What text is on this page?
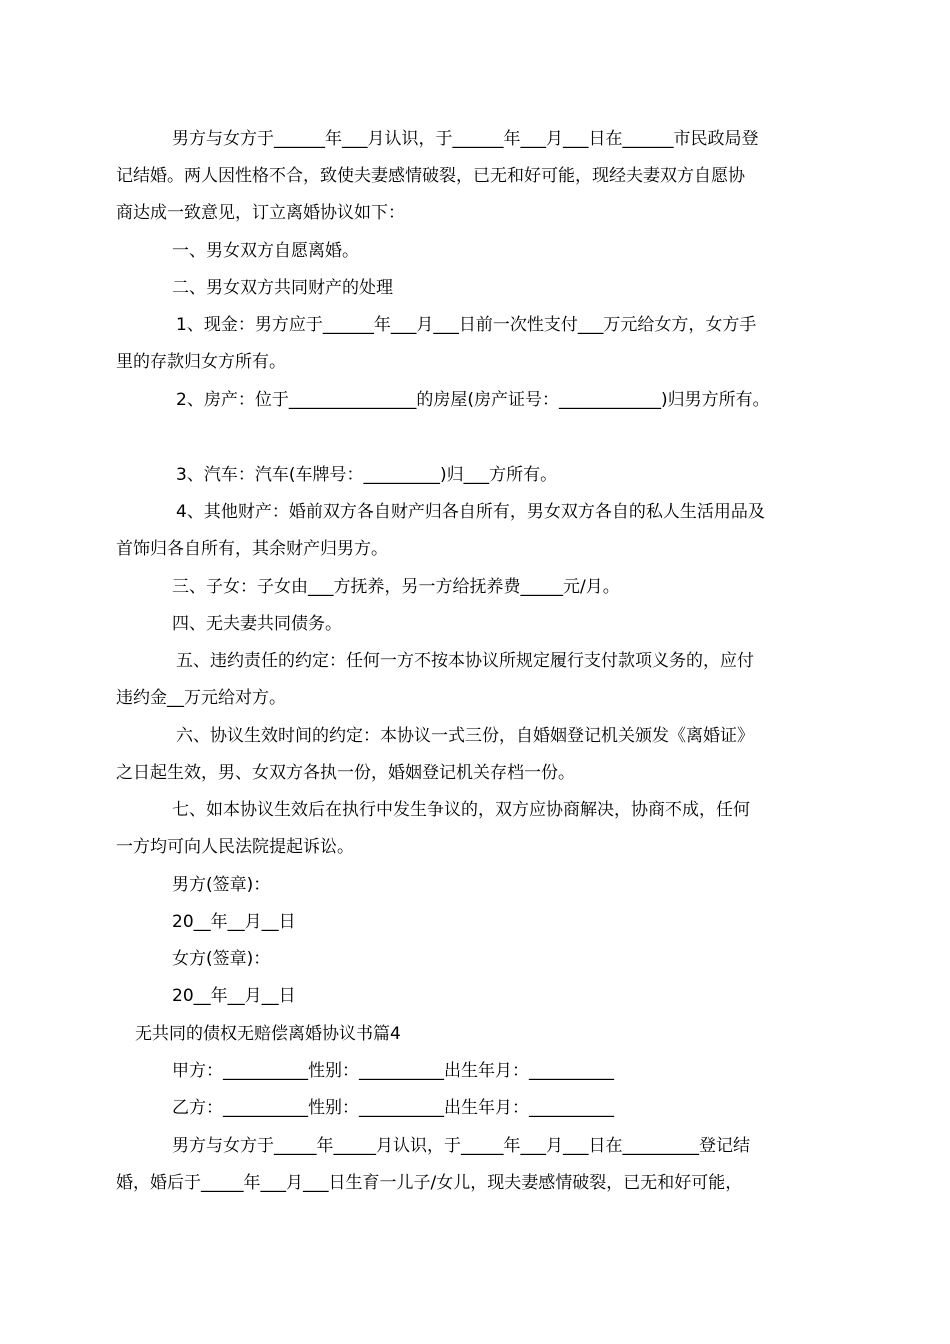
男方与女方于______年___月认识，于______年___月___日在______市民政局登

记结婚。两人因性格不合，致使夫妻感情破裂，已无和好可能，现经夫妻双方自愿协

商达成一致意见，订立离婚协议如下：

一、男女双方自愿离婚。

二、男女双方共同财产的处理

1、现金：男方应于______年___月___日前一次性支付___万元给女方，女方手

里的存款归女方所有。

2、房产：位于_______________的房屋(房产证号：____________)归男方所有。

3、汽车：汽车(车牌号：_________)归___方所有。

4、其他财产：婚前双方各自财产归各自所有，男女双方各自的私人生活用品及

首饰归各自所有，其余财产归男方。

三、子女：子女由___方抚养，另一方给抚养费_____元/月。

四、无夫妻共同债务。

五、违约责任的约定：任何一方不按本协议所规定履行支付款项义务的，应付

违约金__万元给对方。

六、协议生效时间的约定：本协议一式三份，自婚姻登记机关颁发《离婚证》

之日起生效，男、女双方各执一份，婚姻登记机关存档一份。

七、如本协议生效后在执行中发生争议的，双方应协商解决，协商不成，任何

一方均可向人民法院提起诉讼。

男方(签章)：

20__年__月__日

女方(签章)：

20__年__月__日

无共同的债权无赔偿离婚协议书篇4

甲方：__________性别：__________出生年月：__________

乙方：__________性别：__________出生年月：__________

男方与女方于_____年_____月认识，于_____年___月___日在_________登记结

婚，婚后于_____年___月___日生育一儿子/女儿，现夫妻感情破裂，已无和好可能，
